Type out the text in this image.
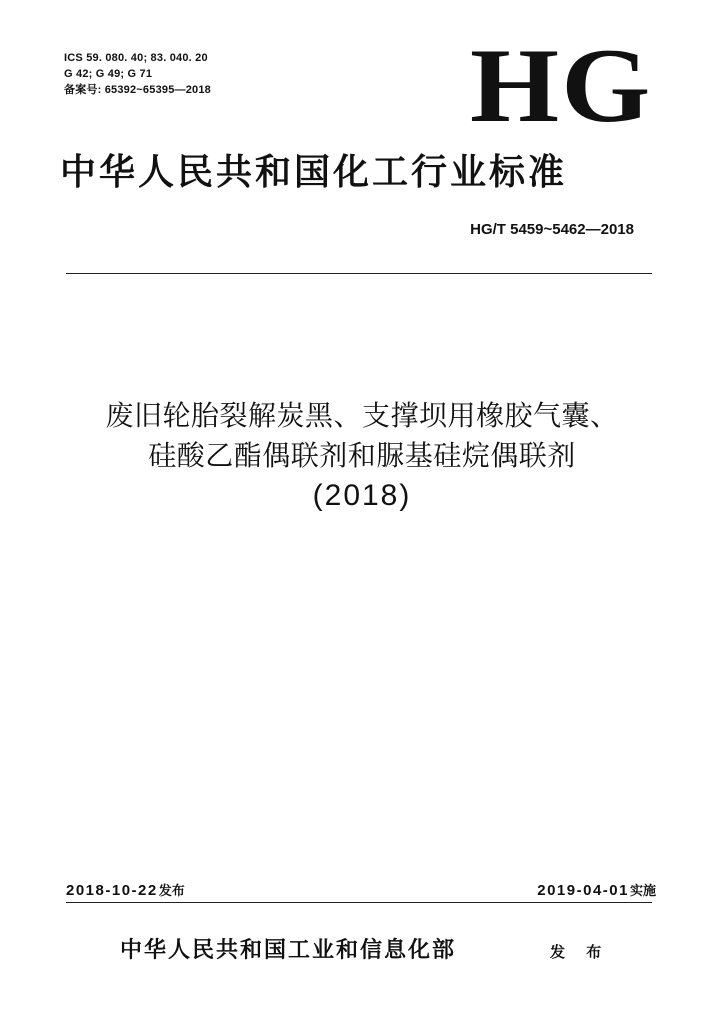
ICS 59. 080. 40; 83. 040. 20
G 42; G 49; G 71
备案号: 65392~65395—2018 HG
中华人民共和国化工行业标准
HG/T 5459~5462—2018
废旧轮胎裂解炭黑、支撑坝用橡胶气囊、
硅酸乙酯偶联剂和脲基硅烷偶联剂
(2018)
2018-10-22发布	2019-04-01实施
中华人民共和国工业和信息化部	发 布
